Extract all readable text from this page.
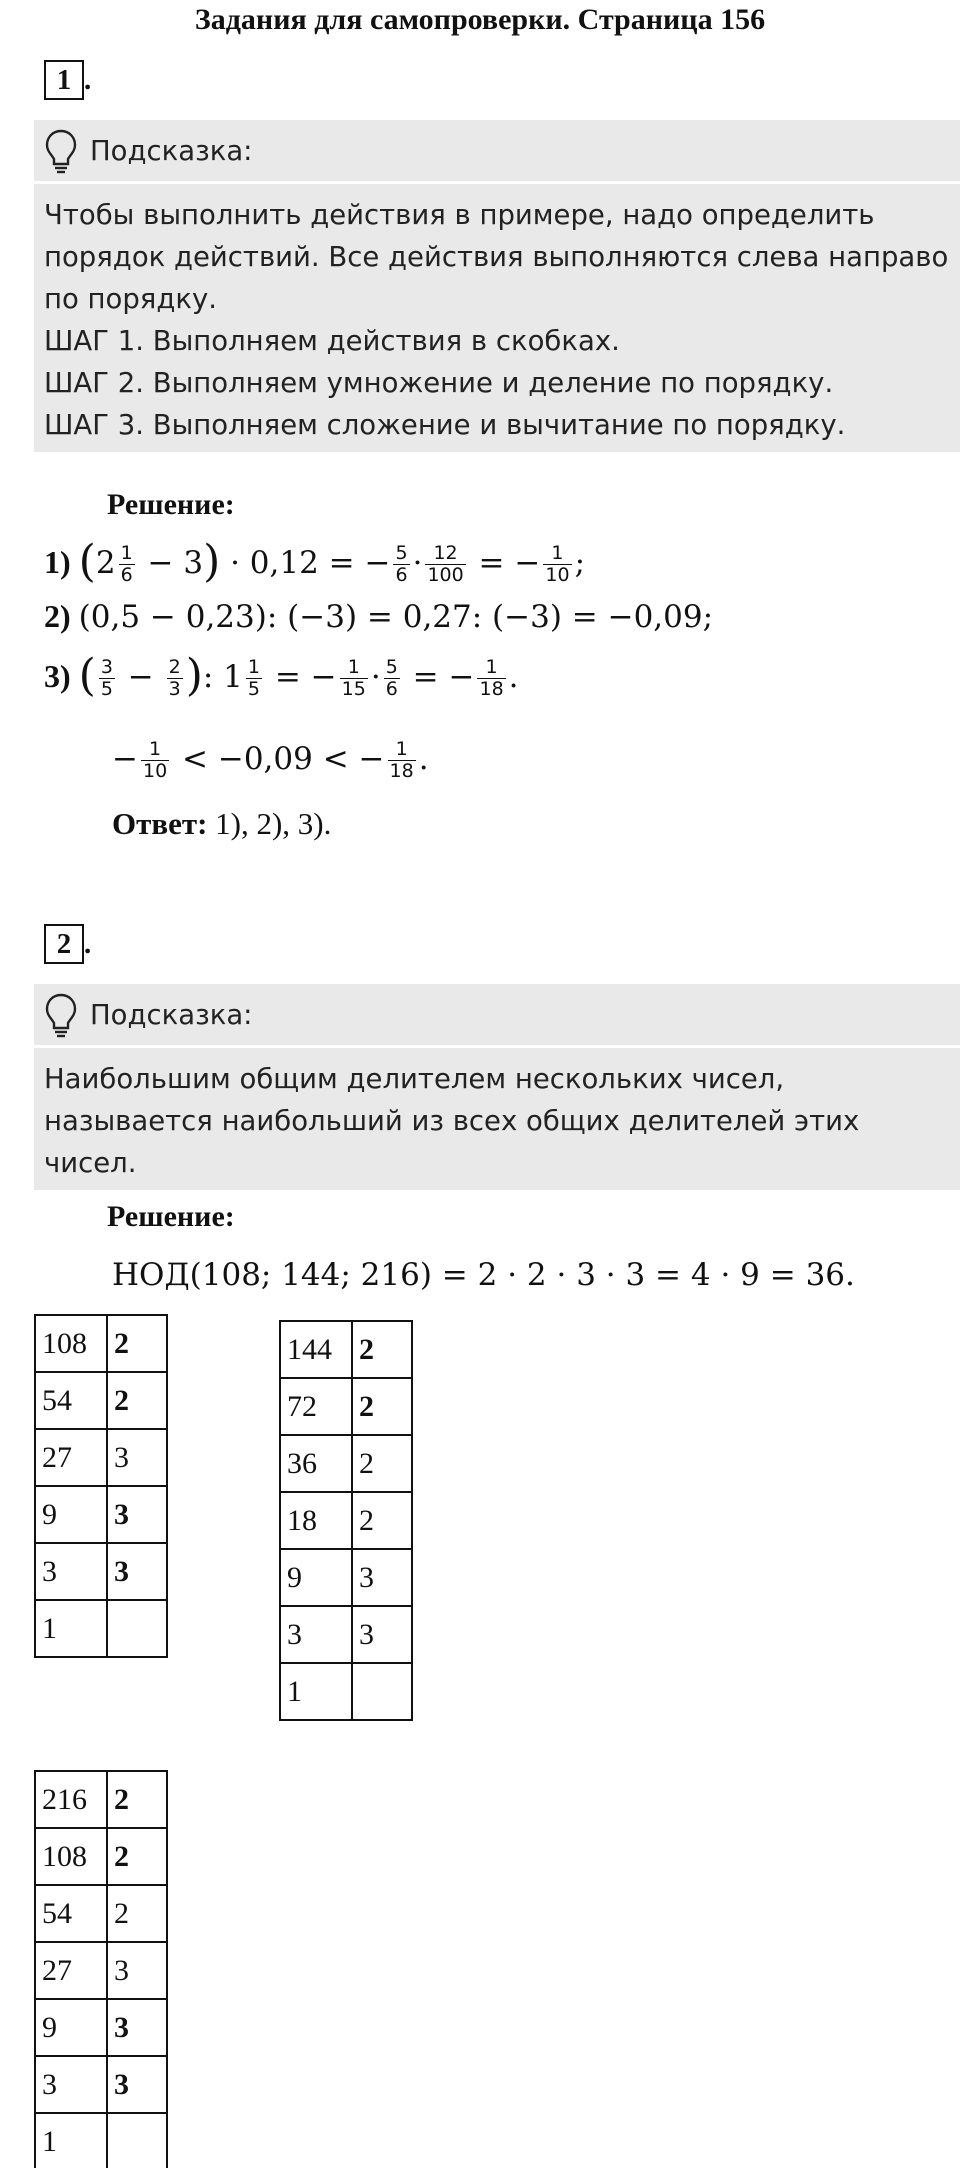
Задания для самопроверки. Страница 156
1 .
Подсказка:

Чтобы выполнить действия в примере, надо определить порядок действий. Все действия выполняются слева направо по порядку.

ШАГ 1. Выполняем действия в скобках.

ШАГ 2. Выполняем умножение и деление по порядку.

ШАГ 3. Выполняем сложение и вычитание по порядку.

Решение:
1) $(2 \frac{1}{6} - 3) \cdot 0,12$ = − $\frac{5}{6} \cdot \frac{12}{100}$ = − $\frac{1}{10}$ ;
2) (0,5 − 0,23): (−3) = 0,27: (−3) = −0,09;
3) ( $\frac{3}{5} - \frac{2}{3}$ ): $1 \frac{1}{5}$ = − $\frac{1}{15} \cdot \frac{5}{6}$ = − $\frac{1}{18}$ .
− $\frac{1}{10} < -0,09$ < − $\frac{1}{18}$ .
Ответ: 1), 2), 3).
2 .
Подсказка:

Наибольшим общим делителем нескольких чисел, называется наибольший из всех общих делителей этих чисел.

Решение:
НОД(108; 144; 216) = 2 · 2 · 3 · 3 = 4 · 9 = 36.
108	2
54	2
27	3
9	3
3	3
1	
144	2
72	2
36	2
18	2
9	3
3	3
1	
216	2
108	2
54	2
27	3
9	3
3	3
1	
